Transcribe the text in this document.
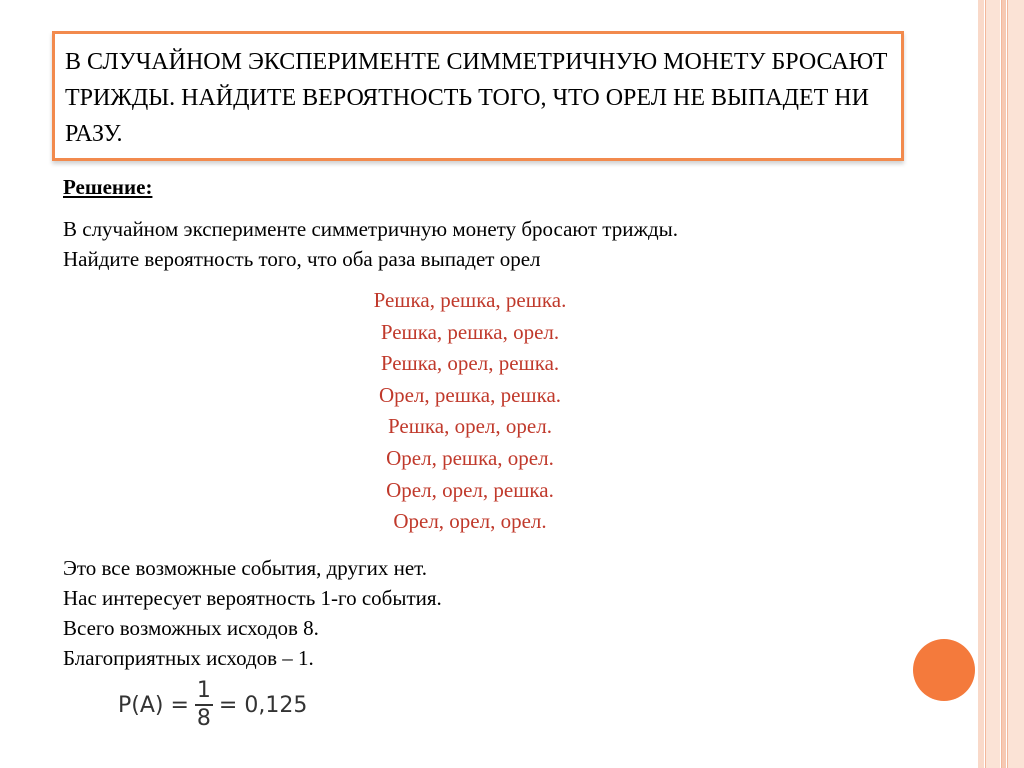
В СЛУЧАЙНОМ ЭКСПЕРИМЕНТЕ СИММЕТРИЧНУЮ МОНЕТУ БРОСАЮТ ТРИЖДЫ. НАЙДИТЕ ВЕРОЯТНОСТЬ ТОГО, ЧТО ОРЕЛ НЕ ВЫПАДЕТ НИ РАЗУ.
Решение:
В случайном эксперименте симметричную монету бросают трижды.
Найдите вероятность того, что оба раза выпадет орел
Решка, решка, решка.
Решка, решка, орел.
Решка, орел, решка.
Орел, решка, решка.
Решка, орел, орел.
Орел, решка, орел.
Орел, орел, решка.
Орел, орел, орел.
Это все возможные события, других нет.
Нас интересует вероятность 1-го события.
Всего возможных исходов 8.
Благоприятных исходов – 1.
$P(A) = \frac{1}{8} = 0,125$
